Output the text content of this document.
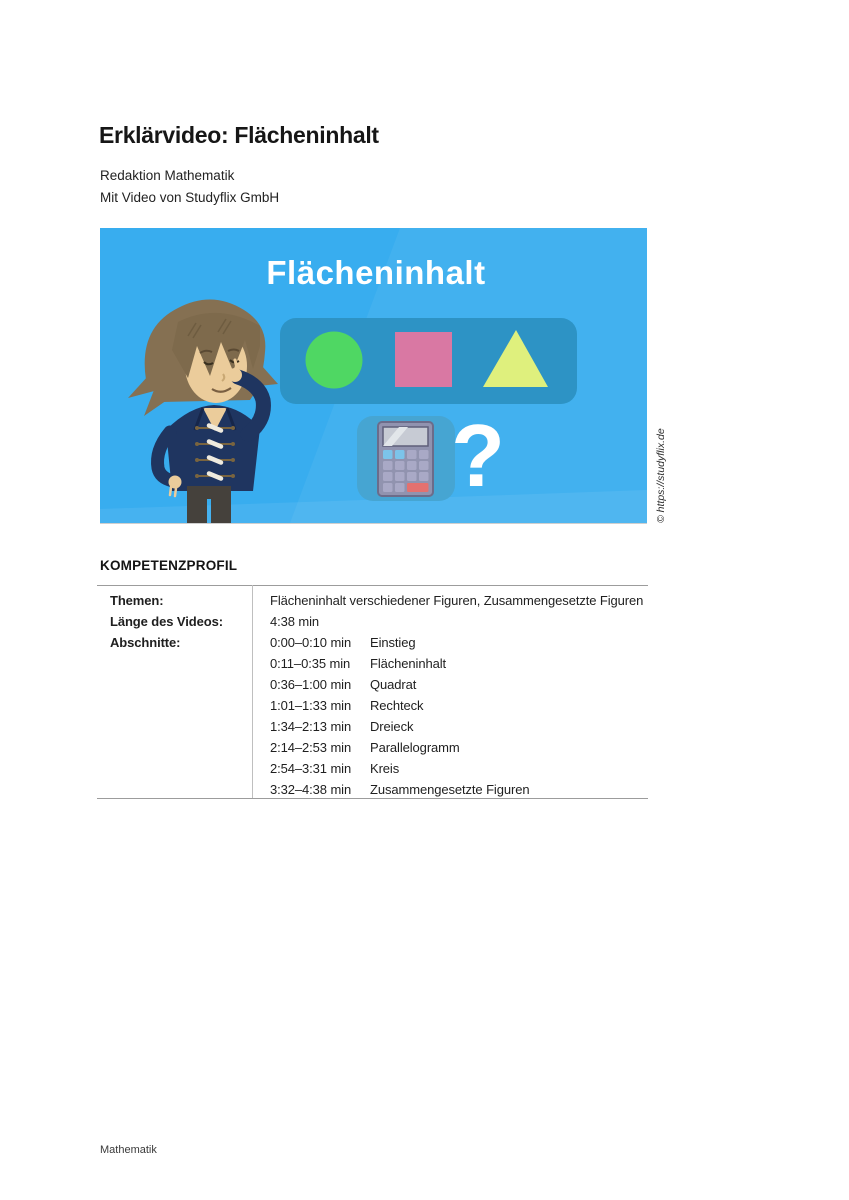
Erklärvideo: Flächeninhalt
Redaktion Mathematik
Mit Video von Studyflix GmbH
Flächeninhalt
?	© https://studyflix.de
KOMPETENZPROFIL
Themen:	Flächeninhalt verschiedener Figuren, Zusammengesetzte Figuren
Länge des Videos:	4:38 min
Abschnitte:	0:00–0:10 min	Einstieg
0:11–0:35 min	Flächeninhalt
0:36–1:00 min	Quadrat
1:01–1:33 min	Rechteck
1:34–2:13 min	Dreieck
2:14–2:53 min	Parallelogramm
2:54–3:31 min	Kreis
3:32–4:38 min	Zusammengesetzte Figuren
Mathematik
